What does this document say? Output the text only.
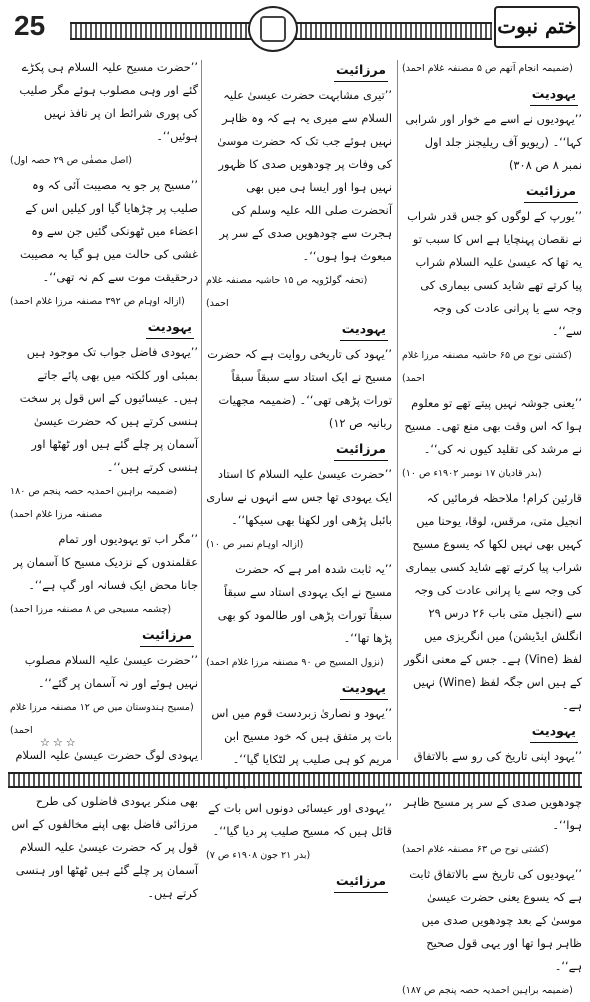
25	ختم نبوت
(ضمیمہ انجام آتھم ص ۵ مصنفہ غلام احمد)
یہودیت
’’یہودیوں نے اسے مے خوار اور شرابی کہا‘‘۔ (ریویو آف ریلیجنز جلد اول نمبر ۸ ص ۳۰۸)
مرزائیت
’’یورپ کے لوگوں کو جس قدر شراب نے نقصان پہنچایا ہے اس کا سبب تو یہ تھا کہ عیسیٰ علیہ السلام شراب پیا کرتے تھے شاید کسی بیماری کی وجہ سے یا پرانی عادت کی وجہ سے‘‘۔
(کشتی نوح ص ۶۵ حاشیہ مصنفہ مرزا غلام احمد)
’’یعنی جوشہ نہیں پیتے تھے تو معلوم ہوا کہ اس وقت بھی منع تھی۔ مسیح نے مرشد کی تقلید کیوں نہ کی‘‘۔
(بدر قادیان ۱۷ نومبر ۱۹۰۲ء ص ۱۰)
قارئین کرام! ملاحظہ فرمائیں کہ انجیل متی، مرقس، لوقا، یوحنا میں کہیں بھی نہیں لکھا کہ یسوع مسیح شراب پیا کرتے تھے شاید کسی بیماری کی وجہ سے یا پرانی عادت کی وجہ سے (انجیل متی باب ۲۶ درس ۲۹ انگلش ایڈیشن) میں انگریزی میں لفظ (Vine) ہے۔ جس کے معنی انگور کے ہیں اس جگہ لفظ (Wine) نہیں ہے۔
یہودیت
’’یہود اپنی تاریخ کی رو سے بالاتفاق چودھویں صدی کے سر پر مسیح ظاہر ہوا‘‘۔
(کشتی نوح ص ۶۳ مصنفہ غلام احمد)
’’یہودیوں کی تاریخ سے بالاتفاق ثابت ہے کہ یسوع یعنی حضرت عیسیٰ موسیٰ کے بعد چودھویں صدی میں ظاہر ہوا تھا اور یہی قول صحیح ہے‘‘۔
(ضمیمہ براہین احمدیہ حصہ پنجم ص ۱۸۷)
مرزائیت
’’تیری مشابہت حضرت عیسیٰ علیہ السلام سے میری یہ ہے کہ وہ ظاہر نہیں ہوئے جب تک کہ حضرت موسیٰ کی وفات پر چودھویں صدی کا ظہور نہیں ہوا اور ایسا ہی میں بھی آنحضرت صلی اللہ علیہ وسلم کی ہجرت سے چودھویں صدی کے سر پر مبعوث ہوا ہوں‘‘۔
(تحفہ گولڑویہ ص ۱۵ حاشیہ مصنفہ غلام احمد)
یہودیت
’’یہود کی تاریخی روایت ہے کہ حضرت مسیح نے ایک استاد سے سبقاً سبقاً تورات پڑھی تھی‘‘۔ (ضمیمہ مجھیات ربانیہ ص ۱۲)
مرزائیت
’’حضرت عیسیٰ علیہ السلام کا استاد ایک یہودی تھا جس سے انہوں نے ساری بائبل پڑھی اور لکھنا بھی سیکھا‘‘۔
(ازالہ اوہام نمبر ص ۱۰)
’’یہ ثابت شدہ امر ہے کہ حضرت مسیح نے ایک یہودی استاد سے سبقاً سبقاً تورات پڑھی اور طالمود کو بھی پڑھا تھا‘‘۔
(نزول المسیح ص ۹۰ مصنفہ مرزا غلام احمد)
یہودیت
’’یہود و نصاریٰ زبردست قوم میں اس بات پر متفق ہیں کہ خود مسیح ابن مریم کو ہی صلیب پر لٹکایا گیا‘‘۔
’’یہودی اور عیسائی دونوں اس بات کے قائل ہیں کہ مسیح صلیب پر دیا گیا‘‘۔
(بدر ۲۱ جون ۱۹۰۸ء ص ۷)
مرزائیت
’’حضرت مسیح علیہ السلام ہی پکڑے گئے اور وہی مصلوب ہوئے مگر صلیب کی پوری شرائط ان پر نافذ نہیں ہوئیں‘‘۔
(اصل مصفٰی ص ۲۹ حصہ اول)
’’مسیح پر جو یہ مصیبت آئی کہ وہ صلیب پر چڑھایا گیا اور کیلیں اس کے اعضاء میں ٹھونکی گئیں جن سے وہ غشی کی حالت میں ہو گیا یہ مصیبت درحقیقت موت سے کم نہ تھی‘‘۔
(ازالہ اوہام ص ۳۹۲ مصنفہ مرزا غلام احمد)
یہودیت
’’یہودی فاضل جواب تک موجود ہیں بمبئی اور کلکتہ میں بھی پائے جاتے ہیں۔ عیسائیوں کے اس قول پر سخت ہنسی کرتے ہیں کہ حضرت عیسیٰ آسمان پر چلے گئے ہیں اور ٹھٹھا اور ہنسی کرتے ہیں‘‘۔
(ضمیمہ براہین احمدیہ حصہ پنجم ص ۱۸۰ مصنفہ مرزا غلام احمد)
’’مگر اب تو یہودیوں اور تمام عقلمندوں کے نزدیک مسیح کا آسمان پر جانا محض ایک فسانہ اور گپ ہے‘‘۔
(چشمہ مسیحی ص ۸ مصنفہ مرزا احمد)
مرزائیت
’’حضرت عیسیٰ علیہ السلام مصلوب نہیں ہوئے اور نہ آسمان پر گئے‘‘۔
(مسیح ہندوستان میں ص ۱۲ مصنفہ مرزا غلام احمد)
یہودی لوگ حضرت عیسیٰ علیہ السلام بھی منکر یہودی فاضلوں کی طرح مرزائی فاضل بھی اپنے مخالفوں کے اس قول پر کہ حضرت عیسیٰ علیہ السلام آسمان پر چلے گئے ہیں ٹھٹھا اور ہنسی کرتے ہیں۔
☆☆☆
